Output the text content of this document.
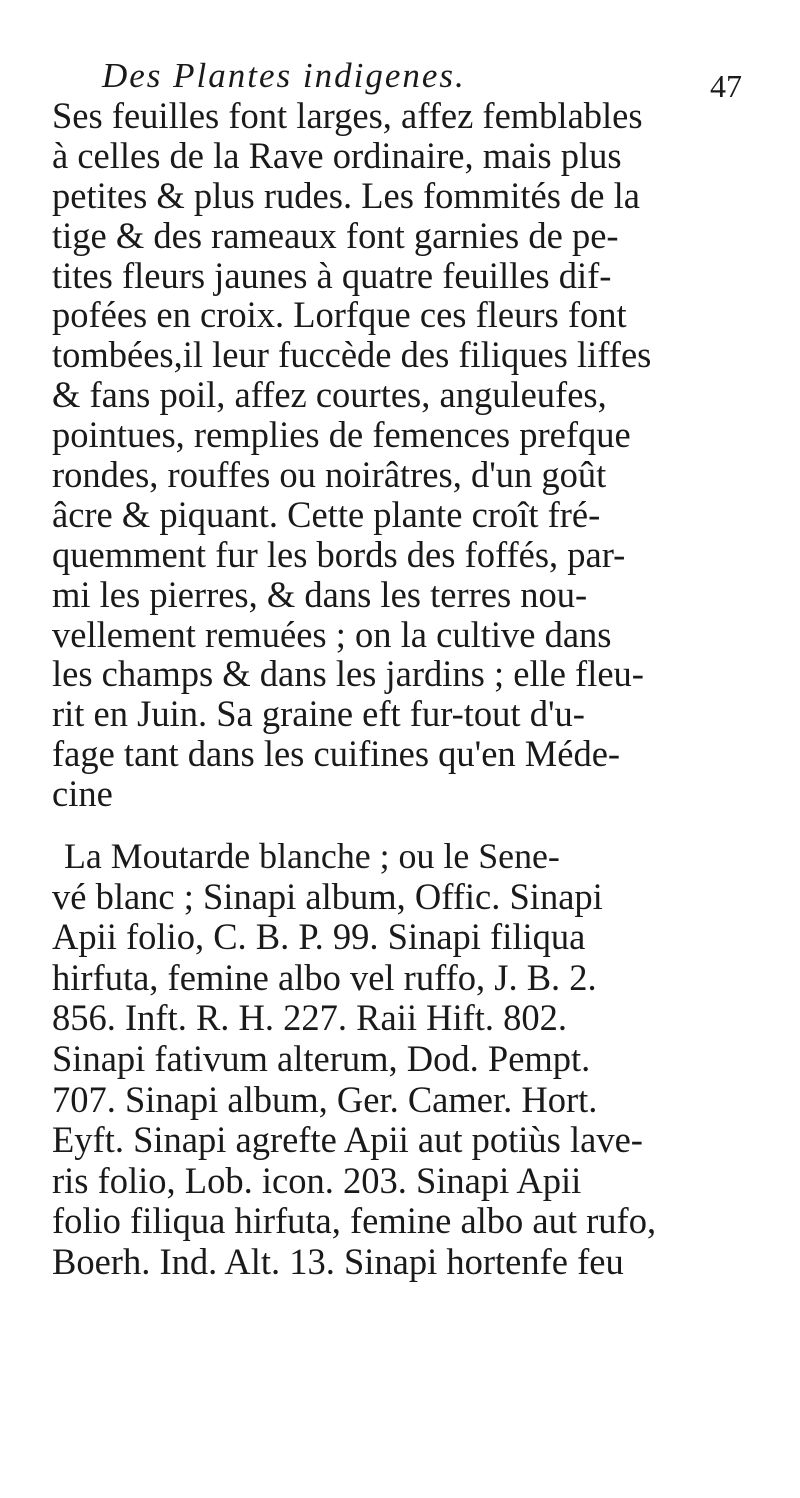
Des Plantes indigenes.	47
Ses feuilles font larges, affez femblables
à celles de la Rave ordinaire, mais plus
petites & plus rudes. Les fommités de la
tige & des rameaux font garnies de pe-
tites fleurs jaunes à quatre feuilles dif-
pofées en croix. Lorfque ces fleurs font
tombées,il leur fuccède des filiques liffes
& fans poil, affez courtes, anguleufes,
pointues, remplies de femences prefque
rondes, rouffes ou noirâtres, d'un goût
âcre & piquant. Cette plante croît fré-
quemment fur les bords des foffés, par-
mi les pierres, & dans les terres nou-
vellement remuées ; on la cultive dans
les champs & dans les jardins ; elle fleu-
rit en Juin. Sa graine eft fur-tout d'u-
fage tant dans les cuifines qu'en Méde-
cine
La Moutarde blanche ; ou le Sene-
vé blanc ; Sinapi album, Offic. Sinapi
Apii folio, C. B. P. 99. Sinapi filiqua
hirfuta, femine albo vel ruffo, J. B. 2.
856. Inft. R. H. 227. Raii Hift. 802.
Sinapi fativum alterum, Dod. Pempt.
707. Sinapi album, Ger. Camer. Hort.
Eyft. Sinapi agrefte Apii aut potiùs lave-
ris folio, Lob. icon. 203. Sinapi Apii
folio filiqua hirfuta, femine albo aut rufo,
Boerh. Ind. Alt. 13. Sinapi hortenfe feu
